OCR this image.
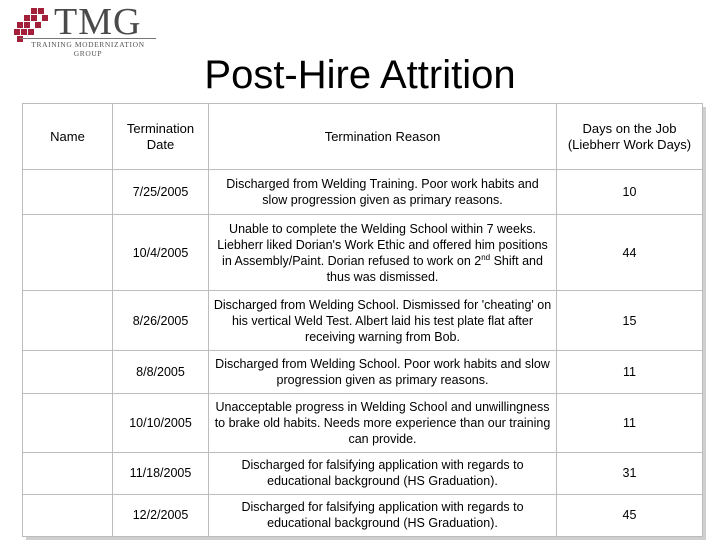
TMG
TRAINING MODERNIZATION GROUP	Post-Hire Attrition
Name	Termination Date	Termination Reason	Days on the Job (Liebherr Work Days)
	7/25/2005	Discharged from Welding Training. Poor work habits and slow progression given as primary reasons.	10
	10/4/2005	Unable to complete the Welding School within 7 weeks. Liebherr liked Dorian's Work Ethic and offered him positions in Assembly/Paint. Dorian refused to work on 2nd Shift and thus was dismissed.	44
	8/26/2005	Discharged from Welding School. Dismissed for 'cheating' on his vertical Weld Test. Albert laid his test plate flat after receiving warning from Bob.	15
	8/8/2005	Discharged from Welding School. Poor work habits and slow progression given as primary reasons.	11
	10/10/2005	Unacceptable progress in Welding School and unwillingness to brake old habits. Needs more experience than our training can provide.	11
	11/18/2005	Discharged for falsifying application with regards to educational background (HS Graduation).	31
	12/2/2005	Discharged for falsifying application with regards to educational background (HS Graduation).	45
